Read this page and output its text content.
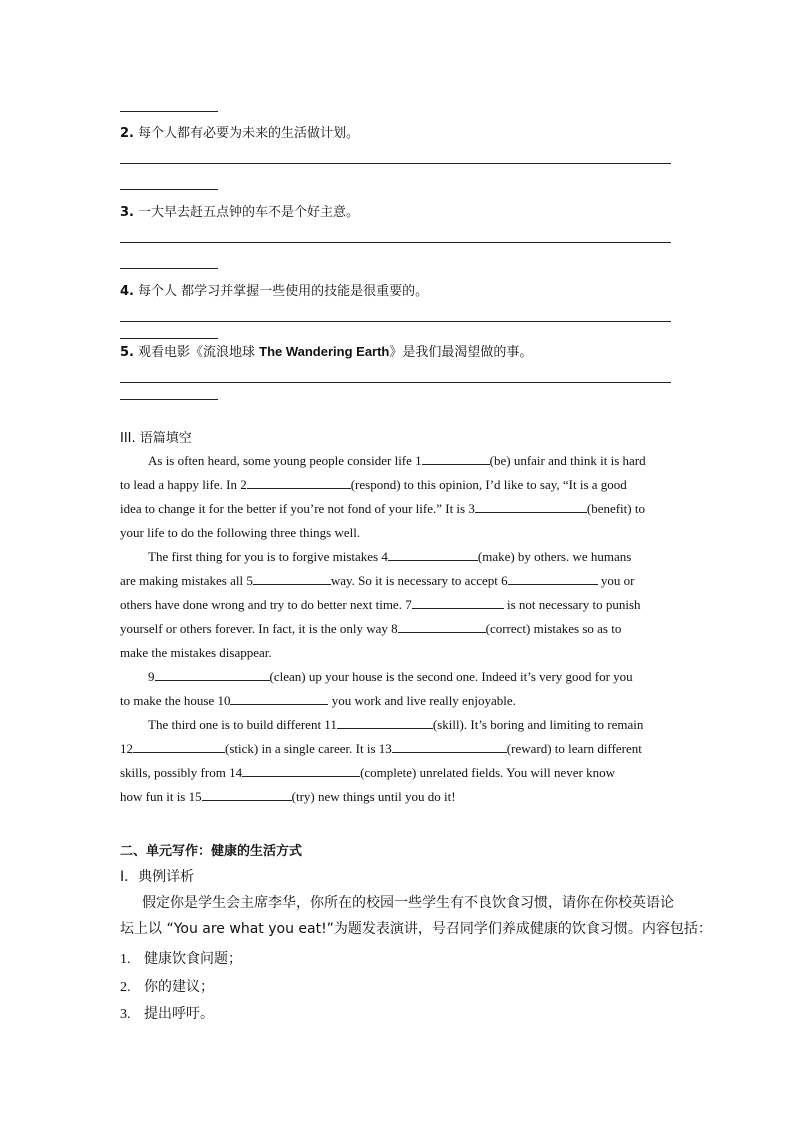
2. 每个人都有必要为未来的生活做计划。
3. 一大早去赶五点钟的车不是个好主意。
4. 每个人 都学习并掌握一些使用的技能是很重要的。
5. 观看电影《流浪地球 The Wandering Earth》是我们最渴望做的事。
III. 语篇填空
As is often heard, some young people consider life 1	(be) unfair and think it is hard
to lead a happy life. In 2	(respond) to this opinion, I’d like to say, “It is a good
idea to change it for the better if you’re not fond of your life.” It is 3	(benefit) to
your life to do the following three things well.
The first thing for you is to forgive mistakes 4	(make) by others. we humans
are making mistakes all 5	way. So it is necessary to accept 6	you or
others have done wrong and try to do better next time. 7	is not necessary to punish
yourself or others forever. In fact, it is the only way 8	(correct) mistakes so as to
make the mistakes disappear.
9	(clean) up your house is the second one. Indeed it’s very good for you
to make the house 10	you work and live really enjoyable.
The third one is to build different 11	(skill). It’s boring and limiting to remain
12	(stick) in a single career. It is 13	(reward) to learn different
skills, possibly from 14	(complete) unrelated fields. You will never know
how fun it is 15	(try) new things until you do it!
二、单元写作：健康的生活方式
I．典例详析
假定你是学生会主席李华，你所在的校园一些学生有不良饮食习惯，请你在你校英语论
坛上以 “You are what you eat!”为题发表演讲，号召同学们养成健康的饮食习惯。内容包括：
1. 健康饮食问题；
2. 你的建议；
3. 提出呼吁。
